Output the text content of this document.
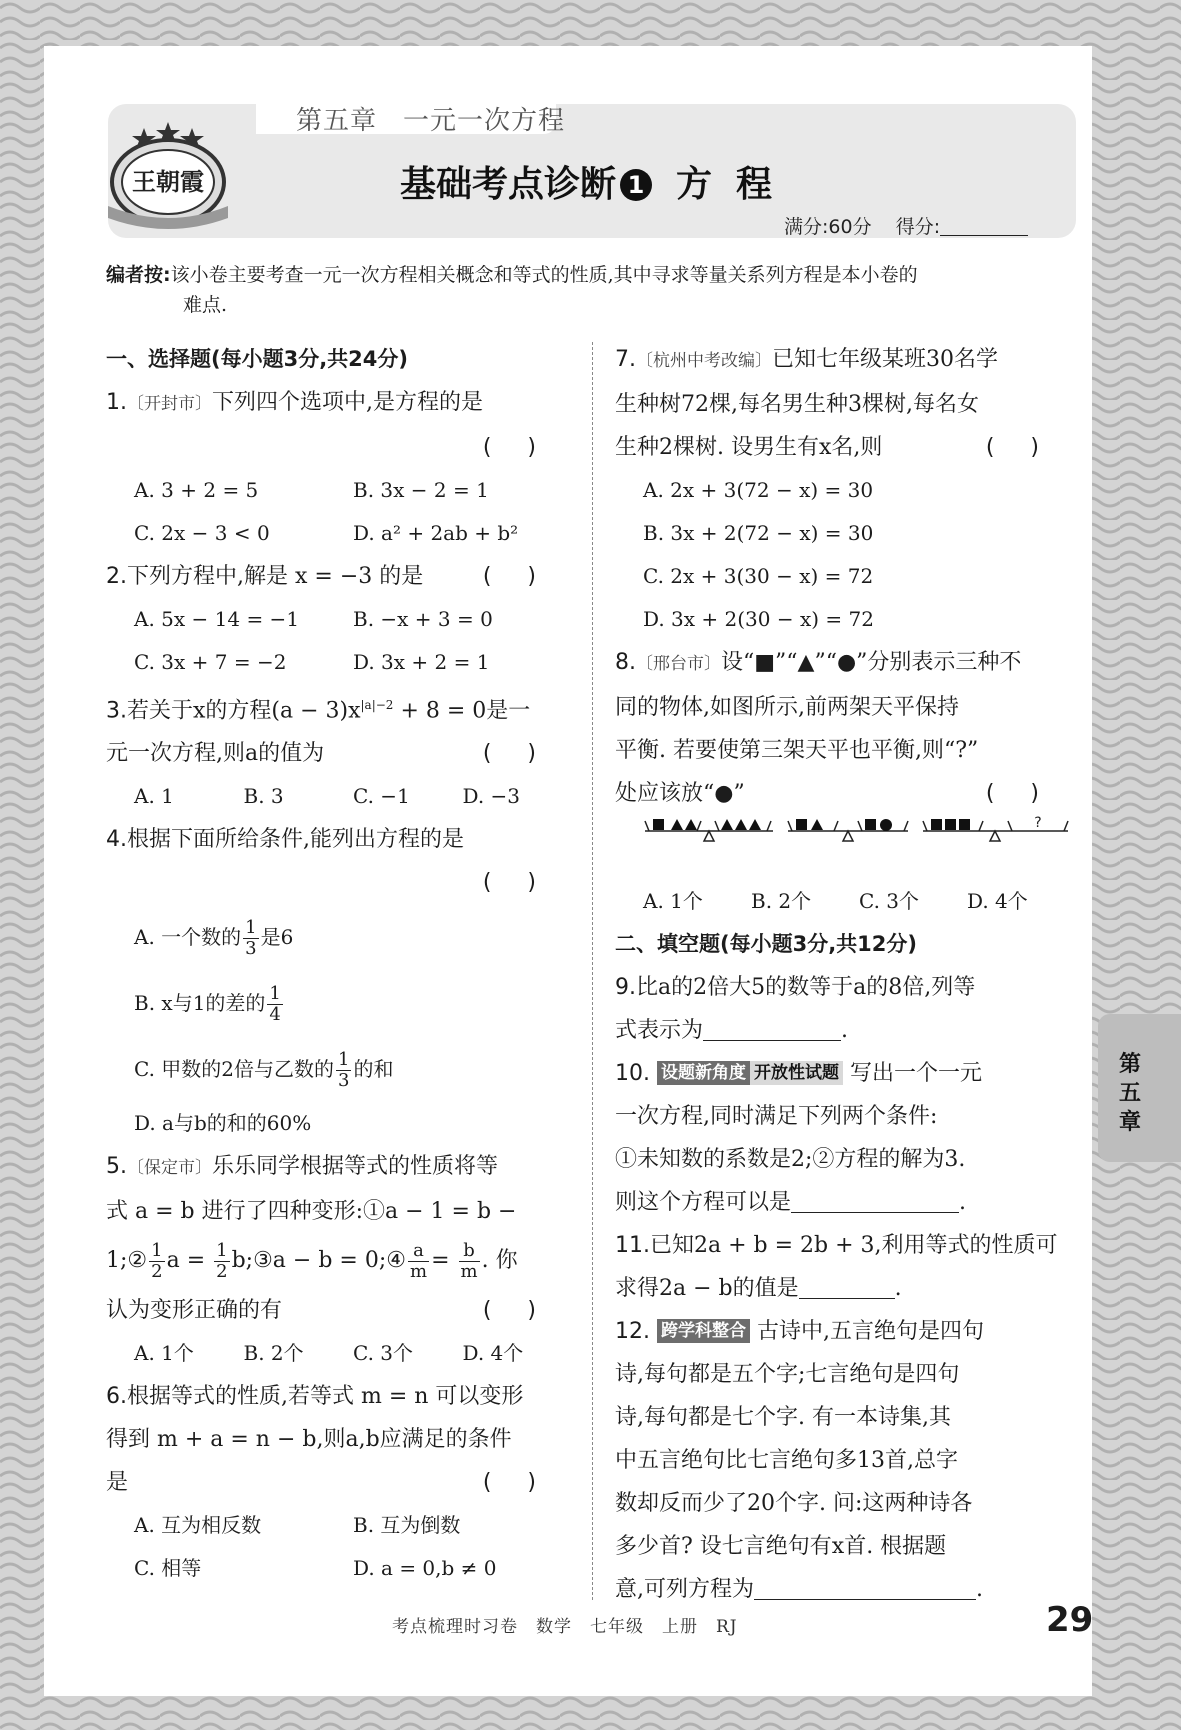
第五章 一元一次方程
王朝霞	基础考点诊断 1 方程
满分:60分 得分:
编者按:该小卷主要考查一元一次方程相关概念和等式的性质,其中寻求等量关系列方程是本小卷的
难点.
一、选择题(每小题3分,共24分)
1.〔开封市〕下列四个选项中,是方程的是
()
A. 3 + 2 = 5	B. 3x − 2 = 1
C. 2x − 3 < 0	D. a² + 2ab + b²
2.下列方程中,解是 x = −3 的是	()
A. 5x − 14 = −1	B. −x + 3 = 0
C. 3x + 7 = −2	D. 3x + 2 = 1
3.若关于x的方程$(a - 3)x^{|a|-2} + 8 = 0$是一
元一次方程,则a的值为	()
A. 1	B. 3	C. −1	D. −3
4.根据下面所给条件,能列出方程的是
()
A. 一个数的 $\frac{1}{3}$ 是6
B. x与1的差的 $\frac{1}{4}$
C. 甲数的2倍与乙数的 $\frac{1}{3}$ 的和
D. a与b的和的60%
5.〔保定市〕乐乐同学根据等式的性质将等
式 a = b 进行了四种变形:①a − 1 = b −
1;② $\frac{1}{2}$ $a = \frac{1}{2}$ b;③a − b = 0;④ $\frac{a}{m} = \frac{b}{m}$ . 你
认为变形正确的有	()
A. 1个	B. 2个	C. 3个	D. 4个
6.根据等式的性质,若等式 m = n 可以变形
得到 m + a = n − b,则a,b应满足的条件
是	()
A. 互为相反数	B. 互为倒数
C. 相等	D. a = 0,b ≠ 0
7.〔杭州中考改编〕已知七年级某班30名学
生种树72棵,每名男生种3棵树,每名女
生种2棵树. 设男生有x名,则	()
A. 2x + 3(72 − x) = 30
B. 3x + 2(72 − x) = 30
C. 2x + 3(30 − x) = 72
D. 3x + 2(30 − x) = 72
8.〔邢台市〕设“■”“▲”“●”分别表示三种不
同的物体,如图所示,前两架天平保持
平衡. 若要使第三架天平也平衡,则“?”
处应该放“●”	()
?
A. 1个	B. 2个	C. 3个	D. 4个
二、填空题(每小题3分,共12分)
9.比a的2倍大5的数等于a的8倍,列等
式表示为	.
10. 设题新角度 开放性试题 写出一个一元
一次方程,同时满足下列两个条件:
①未知数的系数是2;②方程的解为3.
则这个方程可以是	.
11.已知2a + b = 2b + 3,利用等式的性质可
求得2a − b的值是	.
12. 跨学科整合 古诗中,五言绝句是四句
诗,每句都是五个字;七言绝句是四句
诗,每句都是七个字. 有一本诗集,其
中五言绝句比七言绝句多13首,总字
数却反而少了20个字. 问:这两种诗各
多少首? 设七言绝句有x首. 根据题
意,可列方程为	.
第
五
章
考点梳理时习卷 数学 七年级 上册 RJ	29
